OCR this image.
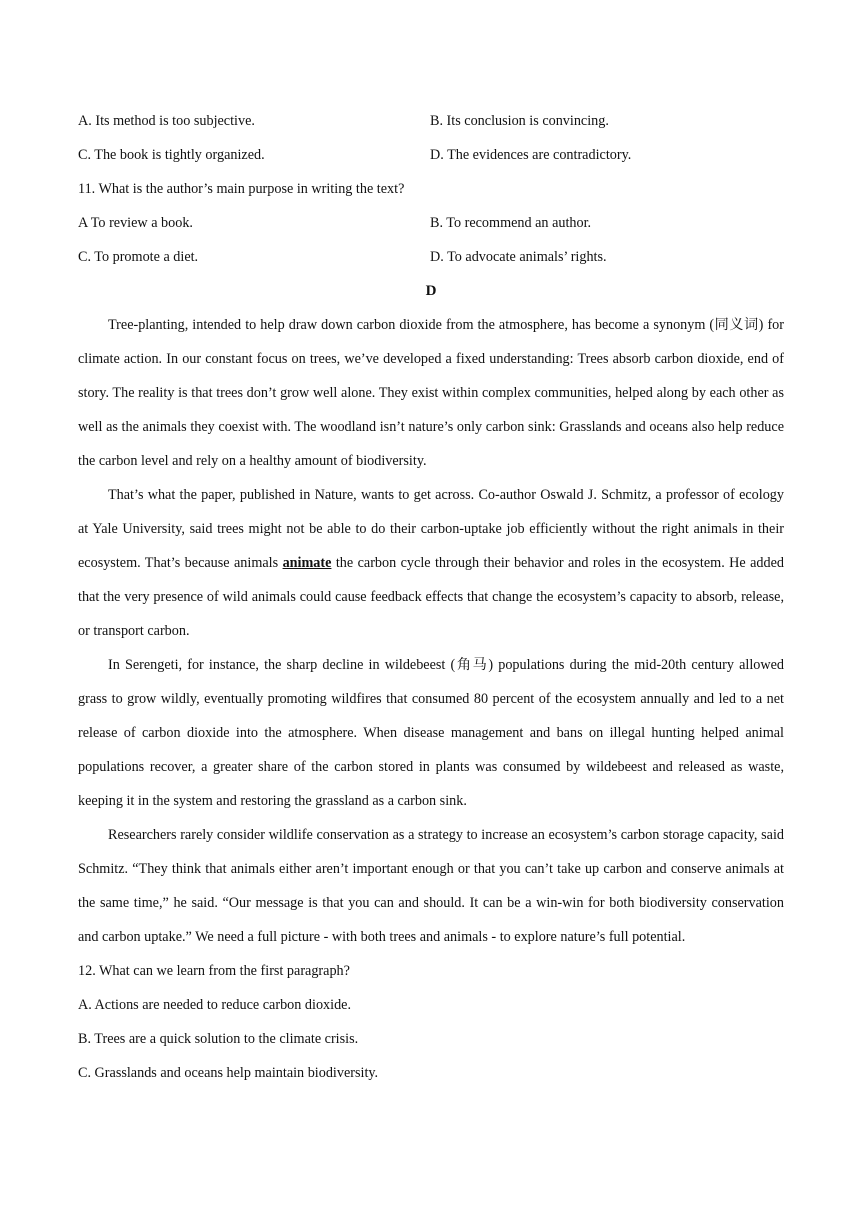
A. Its method is too subjective.	B. Its conclusion is convincing.
C. The book is tightly organized.	D. The evidences are contradictory.
11. What is the author’s main purpose in writing the text?
A To review a book.	B. To recommend an author.
C. To promote a diet.	D. To advocate animals’ rights.
D

Tree-planting, intended to help draw down carbon dioxide from the atmosphere, has become a synonym (同义词) for climate action. In our constant focus on trees, we’ve developed a fixed understanding: Trees absorb carbon dioxide, end of story. The reality is that trees don’t grow well alone. They exist within complex communities, helped along by each other as well as the animals they coexist with. The woodland isn’t nature’s only carbon sink: Grasslands and oceans also help reduce the carbon level and rely on a healthy amount of biodiversity.

That’s what the paper, published in Nature, wants to get across. Co-author Oswald J. Schmitz, a professor of ecology at Yale University, said trees might not be able to do their carbon-uptake job efficiently without the right animals in their ecosystem. That’s because animals animate the carbon cycle through their behavior and roles in the ecosystem. He added that the very presence of wild animals could cause feedback effects that change the ecosystem’s capacity to absorb, release, or transport carbon.

In Serengeti, for instance, the sharp decline in wildebeest (角马) populations during the mid-20th century allowed grass to grow wildly, eventually promoting wildfires that consumed 80 percent of the ecosystem annually and led to a net release of carbon dioxide into the atmosphere. When disease management and bans on illegal hunting helped animal populations recover, a greater share of the carbon stored in plants was consumed by wildebeest and released as waste, keeping it in the system and restoring the grassland as a carbon sink.

Researchers rarely consider wildlife conservation as a strategy to increase an ecosystem’s carbon storage capacity, said Schmitz. “They think that animals either aren’t important enough or that you can’t take up carbon and conserve animals at the same time,” he said. “Our message is that you can and should. It can be a win-win for both biodiversity conservation and carbon uptake.” We need a full picture - with both trees and animals - to explore nature’s full potential.

12. What can we learn from the first paragraph?
A. Actions are needed to reduce carbon dioxide.
B. Trees are a quick solution to the climate crisis.
C. Grasslands and oceans help maintain biodiversity.
